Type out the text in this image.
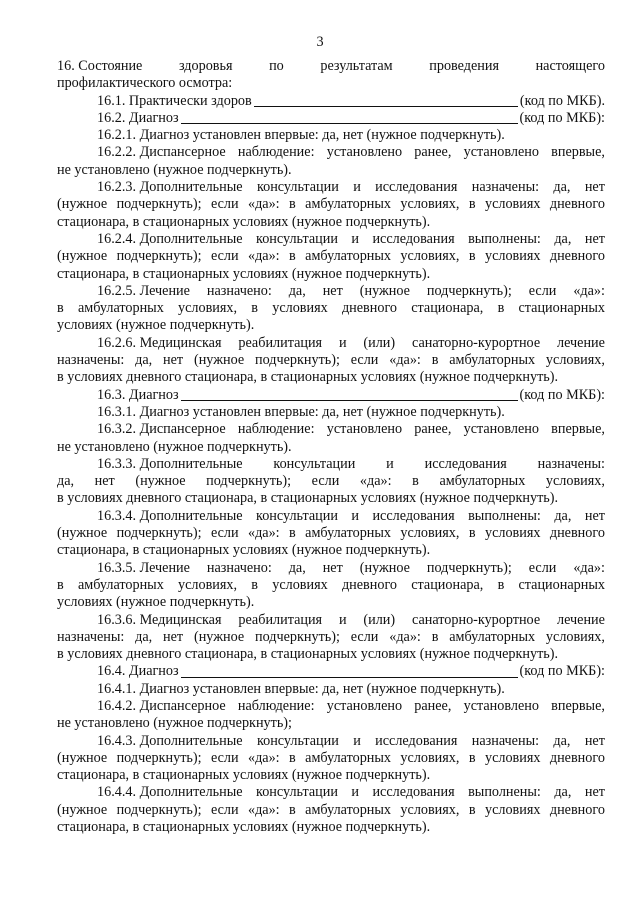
3
16. Состояние	здоровья	по	результатам	проведения	настоящего
профилактического осмотра:
16.1. Практически здоров	(код по МКБ).
16.2. Диагноз	(код по МКБ):
16.2.1. Диагноз установлен впервые: да, нет (нужное подчеркнуть).
16.2.2. Диспансерное наблюдение: установлено ранее, установлено впервые,
не установлено (нужное подчеркнуть).
16.2.3. Дополнительные консультации и исследования назначены: да, нет
(нужное подчеркнуть); если «да»: в амбулаторных условиях, в условиях дневного
стационара, в стационарных условиях (нужное подчеркнуть).
16.2.4. Дополнительные консультации и исследования выполнены: да, нет
(нужное подчеркнуть); если «да»: в амбулаторных условиях, в условиях дневного
стационара, в стационарных условиях (нужное подчеркнуть).
16.2.5. Лечение назначено: да, нет (нужное подчеркнуть); если «да»:
в амбулаторных условиях, в условиях дневного стационара, в стационарных
условиях (нужное подчеркнуть).
16.2.6. Медицинская реабилитация и (или) санаторно-курортное лечение
назначены: да, нет (нужное подчеркнуть); если «да»: в амбулаторных условиях,
в условиях дневного стационара, в стационарных условиях (нужное подчеркнуть).
16.3. Диагноз	(код по МКБ):
16.3.1. Диагноз установлен впервые: да, нет (нужное подчеркнуть).
16.3.2. Диспансерное наблюдение: установлено ранее, установлено впервые,
не установлено (нужное подчеркнуть).
16.3.3. Дополнительные консультации и исследования назначены:
да, нет (нужное подчеркнуть); если «да»: в амбулаторных условиях,
в условиях дневного стационара, в стационарных условиях (нужное подчеркнуть).
16.3.4. Дополнительные консультации и исследования выполнены: да, нет
(нужное подчеркнуть); если «да»: в амбулаторных условиях, в условиях дневного
стационара, в стационарных условиях (нужное подчеркнуть).
16.3.5. Лечение назначено: да, нет (нужное подчеркнуть); если «да»:
в амбулаторных условиях, в условиях дневного стационара, в стационарных
условиях (нужное подчеркнуть).
16.3.6. Медицинская реабилитация и (или) санаторно-курортное лечение
назначены: да, нет (нужное подчеркнуть); если «да»: в амбулаторных условиях,
в условиях дневного стационара, в стационарных условиях (нужное подчеркнуть).
16.4. Диагноз	(код по МКБ):
16.4.1. Диагноз установлен впервые: да, нет (нужное подчеркнуть).
16.4.2. Диспансерное наблюдение: установлено ранее, установлено впервые,
не установлено (нужное подчеркнуть);
16.4.3. Дополнительные консультации и исследования назначены: да, нет
(нужное подчеркнуть); если «да»: в амбулаторных условиях, в условиях дневного
стационара, в стационарных условиях (нужное подчеркнуть).
16.4.4. Дополнительные консультации и исследования выполнены: да, нет
(нужное подчеркнуть); если «да»: в амбулаторных условиях, в условиях дневного
стационара, в стационарных условиях (нужное подчеркнуть).
